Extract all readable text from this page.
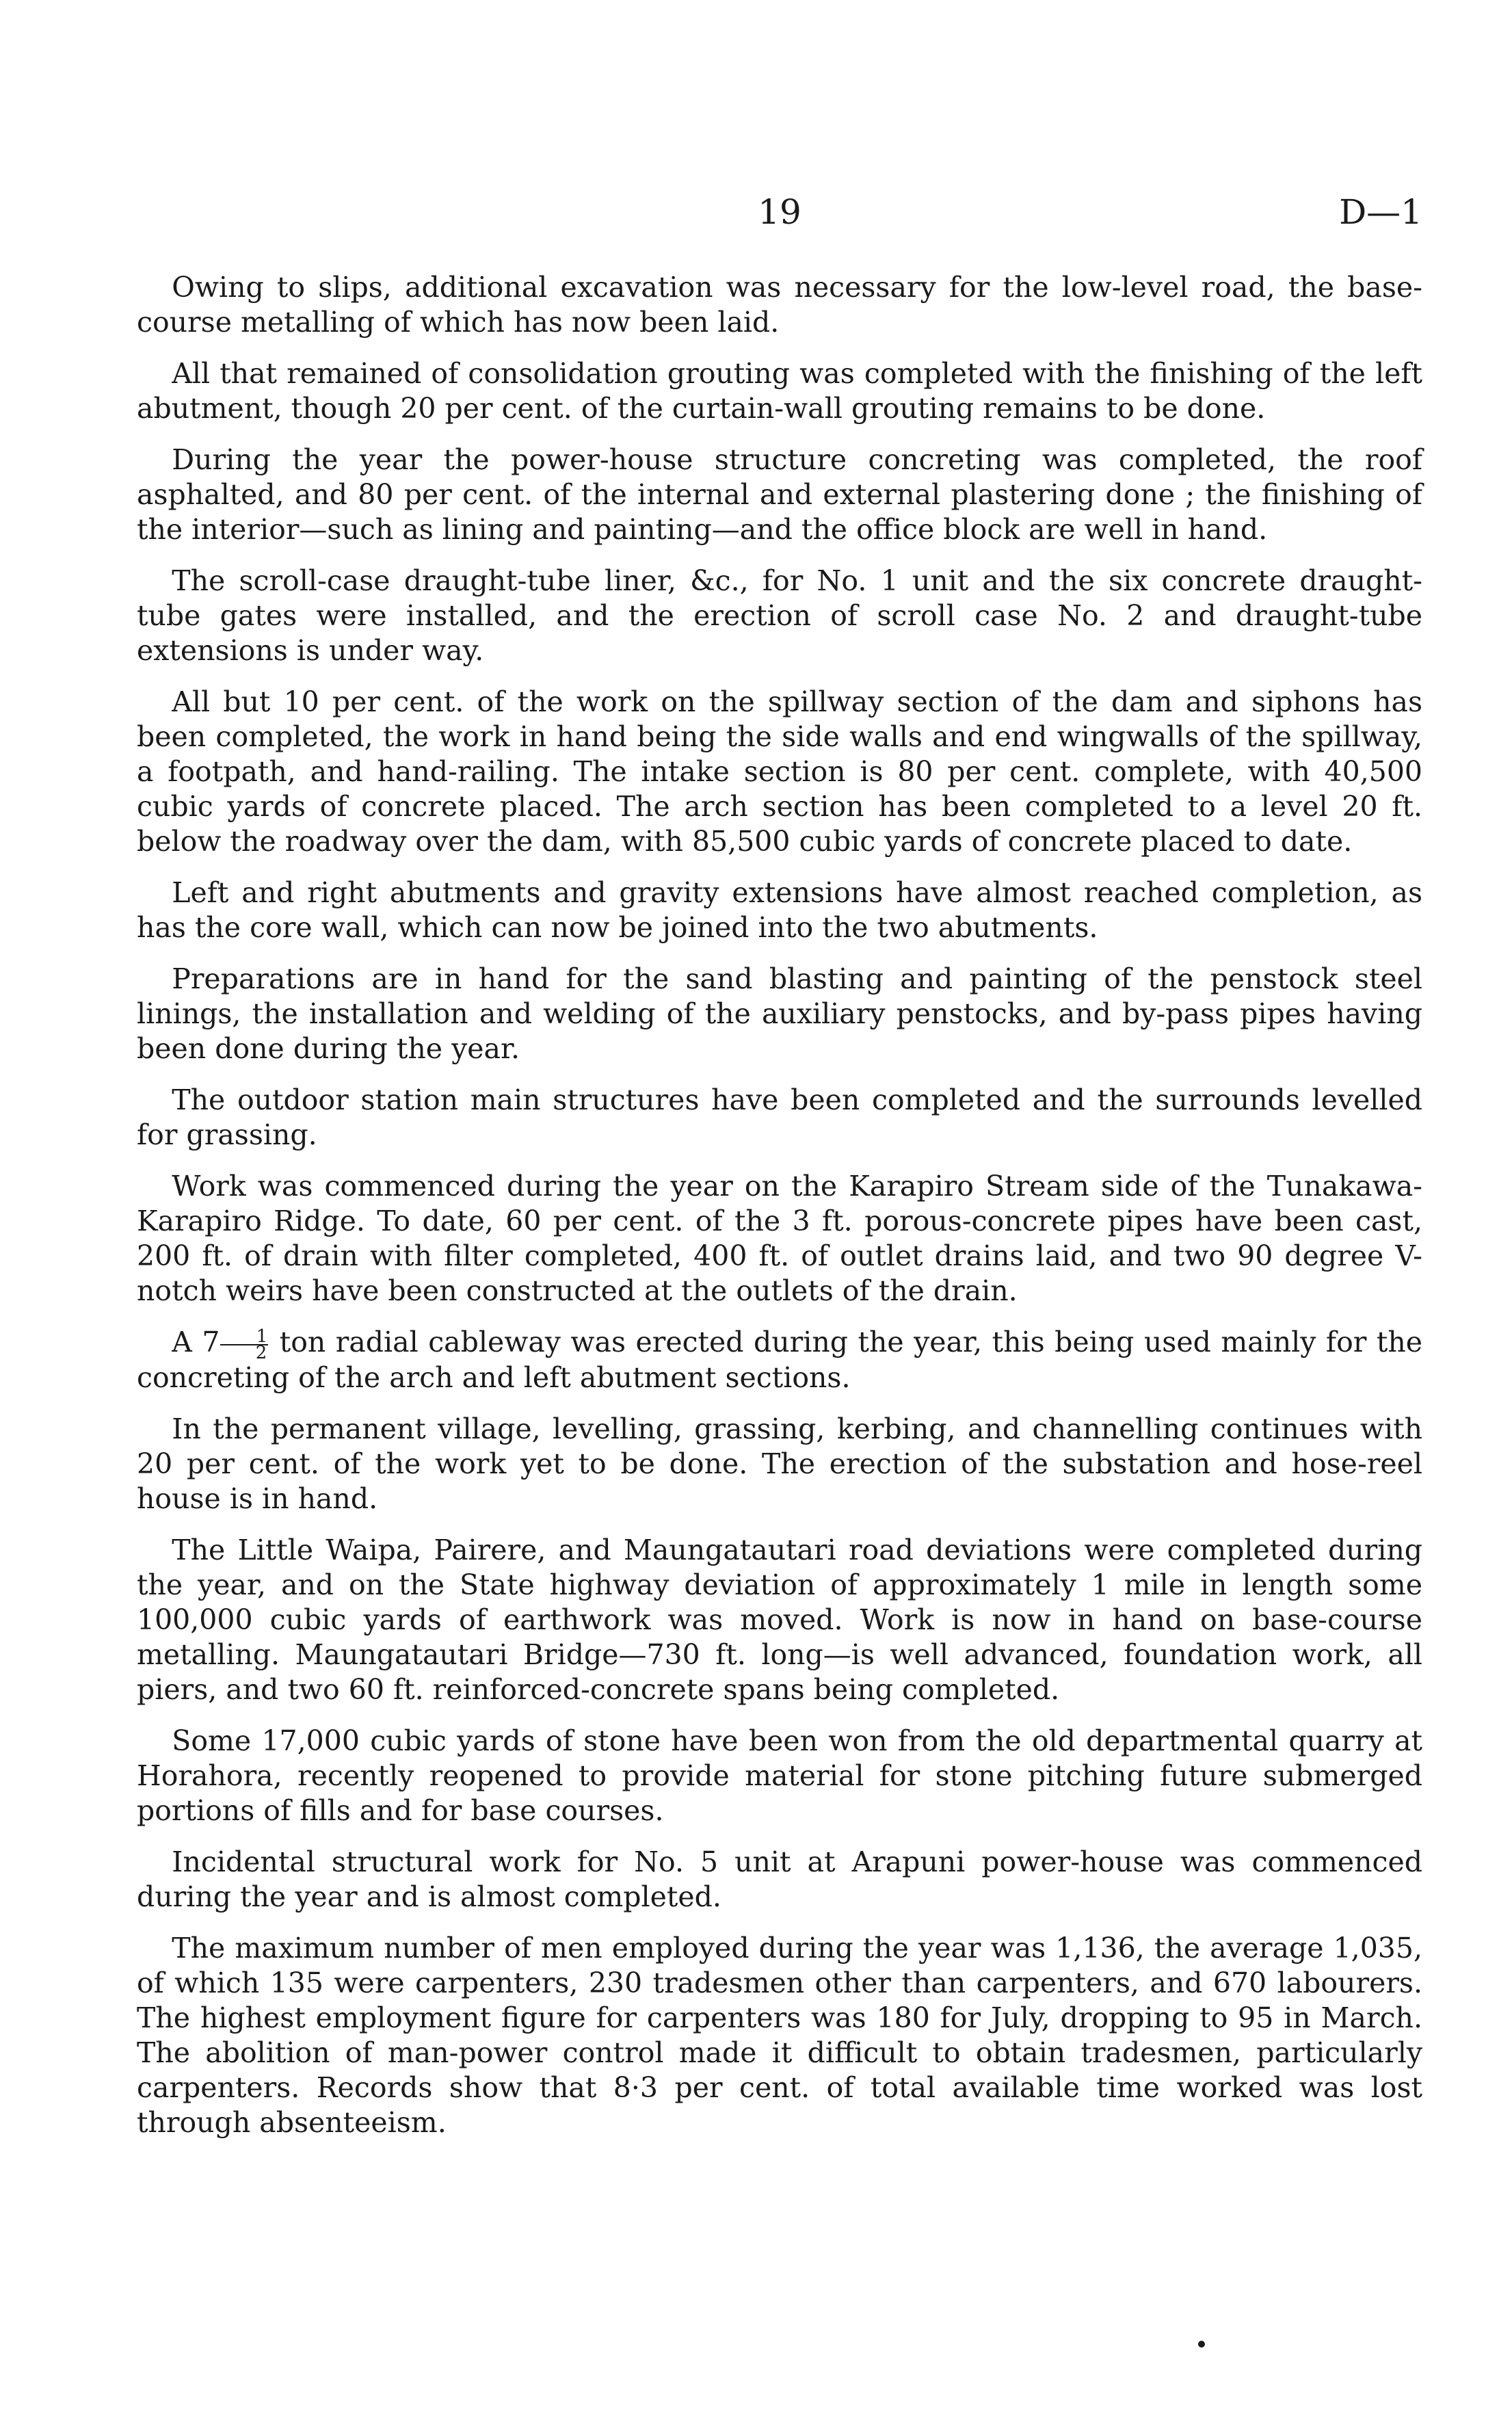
19	D—1

Owing to slips, additional excavation was necessary for the low-level road, the base-course metalling of which has now been laid.

All that remained of consolidation grouting was completed with the finishing of the left abutment, though 20 per cent. of the curtain-wall grouting remains to be done.

During the year the power-house structure concreting was completed, the roof asphalted, and 80 per cent. of the internal and external plastering done ; the finishing of the interior—such as lining and painting—and the office block are well in hand.

The scroll-case draught-tube liner, &c., for No. 1 unit and the six concrete draught-tube gates were installed, and the erection of scroll case No. 2 and draught-tube extensions is under way.

All but 10 per cent. of the work on the spillway section of the dam and siphons has been completed, the work in hand being the side walls and end wingwalls of the spillway, a footpath, and hand-railing. The intake section is 80 per cent. complete, with 40,500 cubic yards of concrete placed. The arch section has been completed to a level 20 ft. below the roadway over the dam, with 85,500 cubic yards of concrete placed to date.

Left and right abutments and gravity extensions have almost reached completion, as has the core wall, which can now be joined into the two abutments.

Preparations are in hand for the sand blasting and painting of the penstock steel linings, the installation and welding of the auxiliary penstocks, and by-pass pipes having been done during the year.

The outdoor station main structures have been completed and the surrounds levelled for grassing.

Work was commenced during the year on the Karapiro Stream side of the Tunakawa-Karapiro Ridge. To date, 60 per cent. of the 3 ft. porous-concrete pipes have been cast, 200 ft. of drain with filter completed, 400 ft. of outlet drains laid, and two 90 degree V-notch weirs have been constructed at the outlets of the drain.

A $7 \frac{1}{2}$ ton radial cableway was erected during the year, this being used mainly for the concreting of the arch and left abutment sections.

In the permanent village, levelling, grassing, kerbing, and channelling continues with 20 per cent. of the work yet to be done. The erection of the substation and hose-reel house is in hand.

The Little Waipa, Pairere, and Maungatautari road deviations were completed during the year, and on the State highway deviation of approximately 1 mile in length some 100,000 cubic yards of earthwork was moved. Work is now in hand on base-course metalling. Maungatautari Bridge—730 ft. long—is well advanced, foundation work, all piers, and two 60 ft. reinforced-concrete spans being completed.

Some 17,000 cubic yards of stone have been won from the old departmental quarry at Horahora, recently reopened to provide material for stone pitching future submerged portions of fills and for base courses.

Incidental structural work for No. 5 unit at Arapuni power-house was commenced during the year and is almost completed.

The maximum number of men employed during the year was 1,136, the average 1,035, of which 135 were carpenters, 230 tradesmen other than carpenters, and 670 labourers. The highest employment figure for carpenters was 180 for July, dropping to 95 in March. The abolition of man-power control made it difficult to obtain tradesmen, particularly carpenters. Records show that 8·3 per cent. of total available time worked was lost through absenteeism.
